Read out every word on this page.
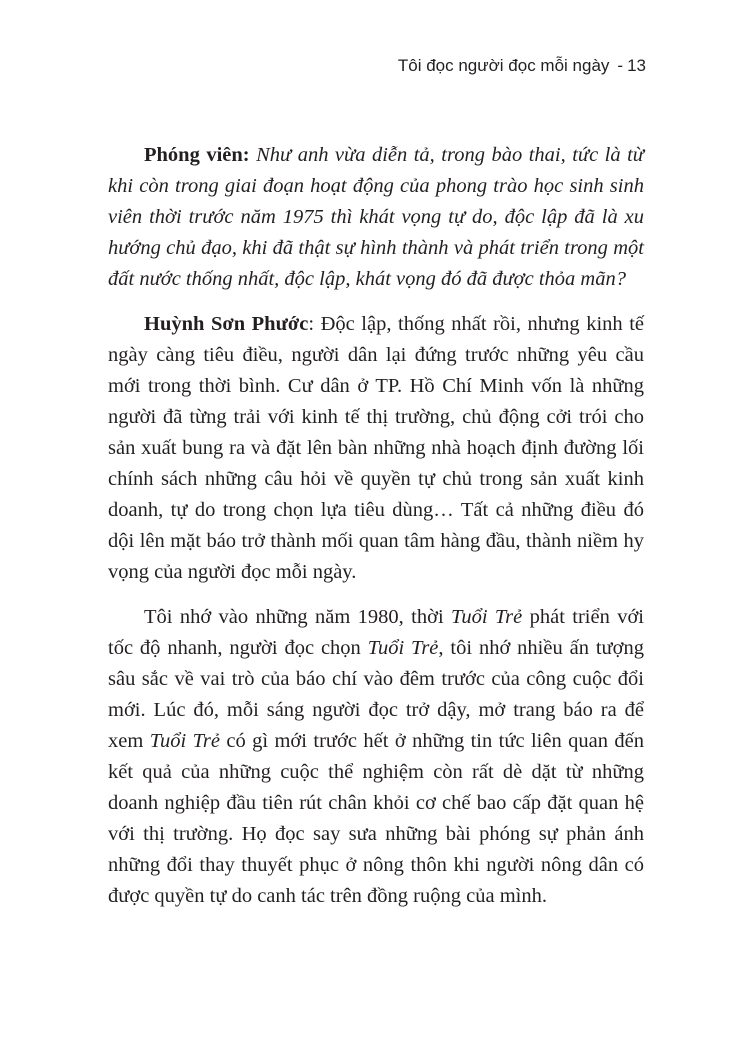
Tôi đọc người đọc mỗi ngày - 13

Phóng viên: Như anh vừa diễn tả, trong bào thai, tức là từ khi còn trong giai đoạn hoạt động của phong trào học sinh sinh viên thời trước năm 1975 thì khát vọng tự do, độc lập đã là xu hướng chủ đạo, khi đã thật sự hình thành và phát triển trong một đất nước thống nhất, độc lập, khát vọng đó đã được thỏa mãn?

Huỳnh Sơn Phước: Độc lập, thống nhất rồi, nhưng kinh tế ngày càng tiêu điều, người dân lại đứng trước những yêu cầu mới trong thời bình. Cư dân ở TP. Hồ Chí Minh vốn là những người đã từng trải với kinh tế thị trường, chủ động cởi trói cho sản xuất bung ra và đặt lên bàn những nhà hoạch định đường lối chính sách những câu hỏi về quyền tự chủ trong sản xuất kinh doanh, tự do trong chọn lựa tiêu dùng… Tất cả những điều đó dội lên mặt báo trở thành mối quan tâm hàng đầu, thành niềm hy vọng của người đọc mỗi ngày.

Tôi nhớ vào những năm 1980, thời Tuổi Trẻ phát triển với tốc độ nhanh, người đọc chọn Tuổi Trẻ, tôi nhớ nhiều ấn tượng sâu sắc về vai trò của báo chí vào đêm trước của công cuộc đổi mới. Lúc đó, mỗi sáng người đọc trở dậy, mở trang báo ra để xem Tuổi Trẻ có gì mới trước hết ở những tin tức liên quan đến kết quả của những cuộc thể nghiệm còn rất dè dặt từ những doanh nghiệp đầu tiên rút chân khỏi cơ chế bao cấp đặt quan hệ với thị trường. Họ đọc say sưa những bài phóng sự phản ánh những đổi thay thuyết phục ở nông thôn khi người nông dân có được quyền tự do canh tác trên đồng ruộng của mình.
